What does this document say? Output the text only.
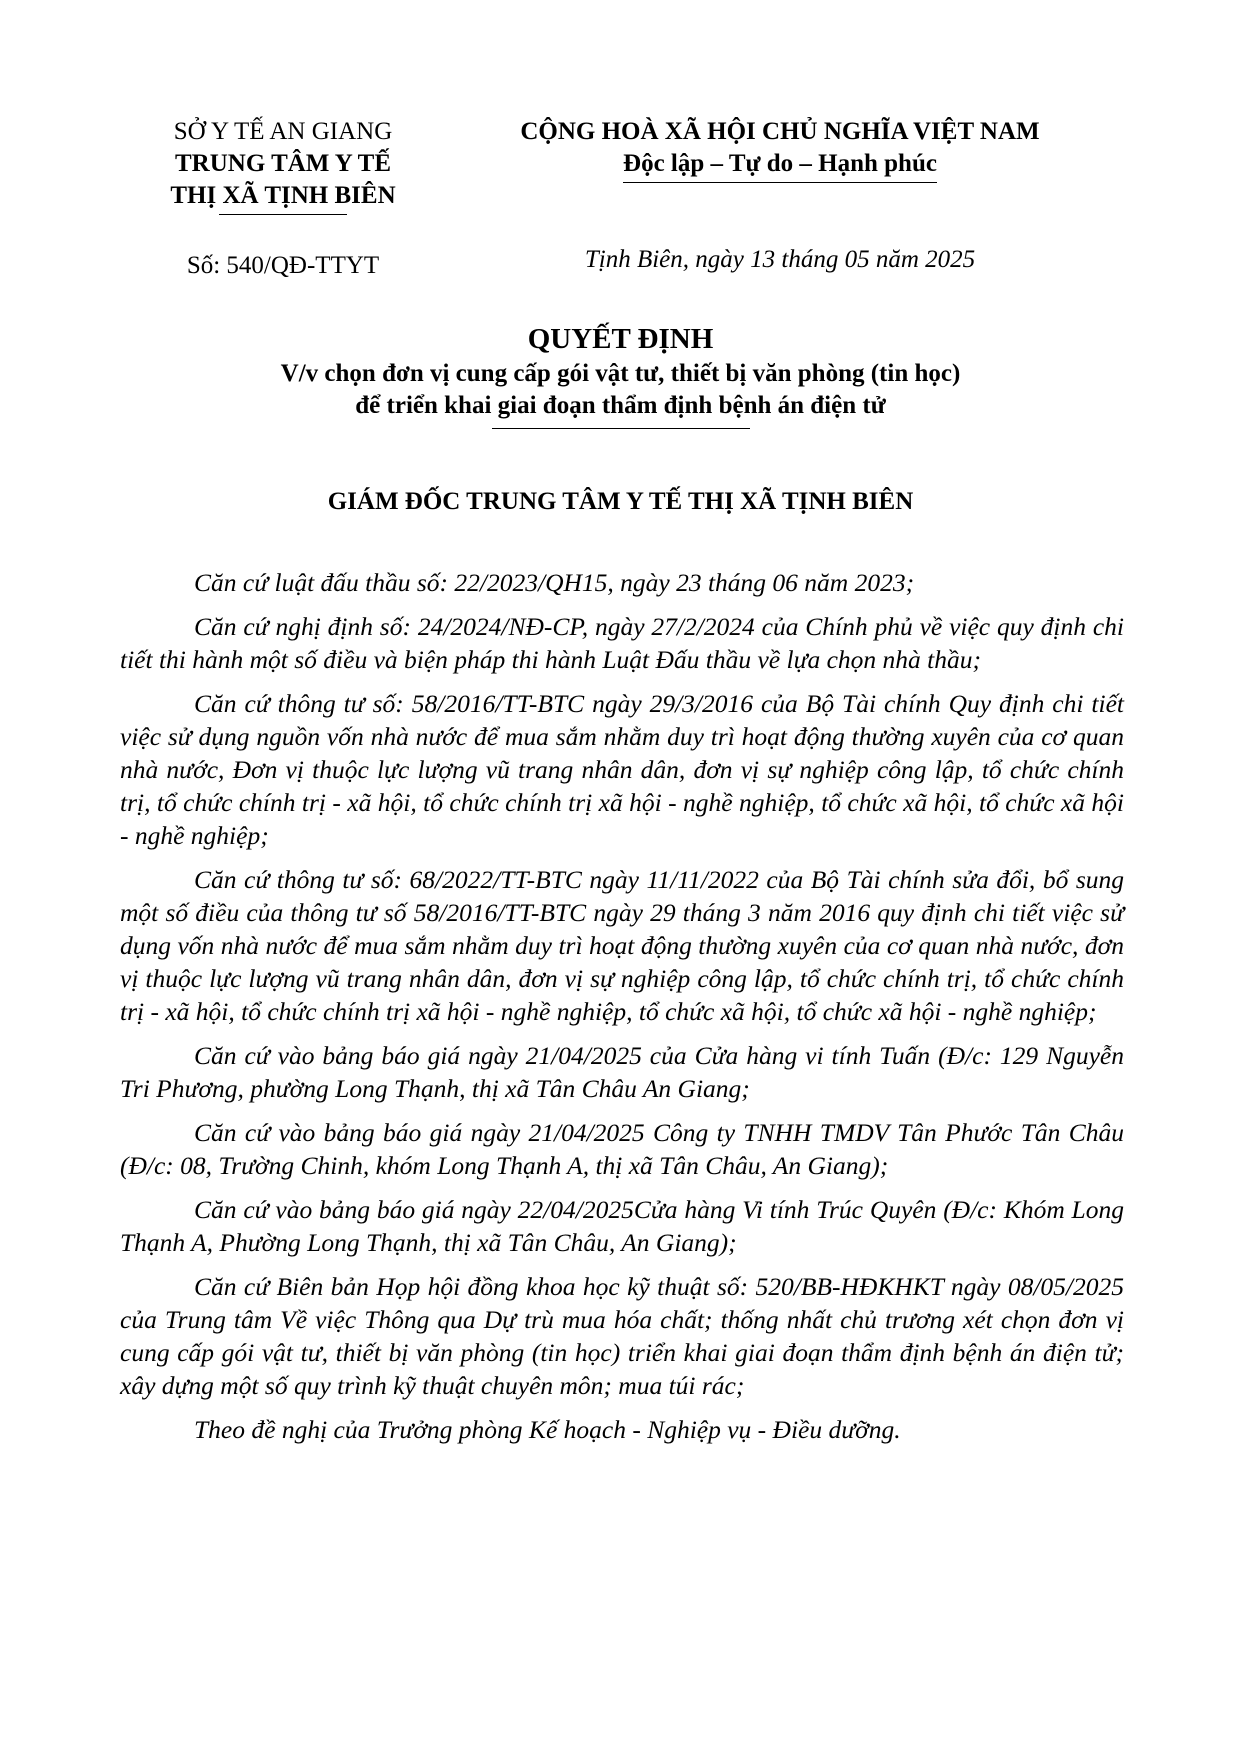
SỞ Y TẾ AN GIANG
TRUNG TÂM Y TẾ
THỊ XÃ TỊNH BIÊN
CỘNG HOÀ XÃ HỘI CHỦ NGHĨA VIỆT NAM
Độc lập – Tự do – Hạnh phúc
Số: 540/QĐ-TTYT	Tịnh Biên, ngày 13 tháng 05 năm 2025
QUYẾT ĐỊNH
V/v chọn đơn vị cung cấp gói vật tư, thiết bị văn phòng (tin học)
để triển khai giai đoạn thẩm định bệnh án điện tử
GIÁM ĐỐC TRUNG TÂM Y TẾ THỊ XÃ TỊNH BIÊN

Căn cứ luật đấu thầu số: 22/2023/QH15, ngày 23 tháng 06 năm 2023;

Căn cứ nghị định số: 24/2024/NĐ-CP, ngày 27/2/2024 của Chính phủ về việc quy định chi tiết thi hành một số điều và biện pháp thi hành Luật Đấu thầu về lựa chọn nhà thầu;

Căn cứ thông tư số: 58/2016/TT-BTC ngày 29/3/2016 của Bộ Tài chính Quy định chi tiết việc sử dụng nguồn vốn nhà nước để mua sắm nhằm duy trì hoạt động thường xuyên của cơ quan nhà nước, Đơn vị thuộc lực lượng vũ trang nhân dân, đơn vị sự nghiệp công lập, tổ chức chính trị, tổ chức chính trị - xã hội, tổ chức chính trị xã hội - nghề nghiệp, tổ chức xã hội, tổ chức xã hội - nghề nghiệp;

Căn cứ thông tư số: 68/2022/TT-BTC ngày 11/11/2022 của Bộ Tài chính sửa đổi, bổ sung một số điều của thông tư số 58/2016/TT-BTC ngày 29 tháng 3 năm 2016 quy định chi tiết việc sử dụng vốn nhà nước để mua sắm nhằm duy trì hoạt động thường xuyên của cơ quan nhà nước, đơn vị thuộc lực lượng vũ trang nhân dân, đơn vị sự nghiệp công lập, tổ chức chính trị, tổ chức chính trị - xã hội, tổ chức chính trị xã hội - nghề nghiệp, tổ chức xã hội, tổ chức xã hội - nghề nghiệp;

Căn cứ vào bảng báo giá ngày 21/04/2025 của Cửa hàng vi tính Tuấn (Đ/c: 129 Nguyễn Tri Phương, phường Long Thạnh, thị xã Tân Châu An Giang;

Căn cứ vào bảng báo giá ngày 21/04/2025 Công ty TNHH TMDV Tân Phước Tân Châu (Đ/c: 08, Trường Chinh, khóm Long Thạnh A, thị xã Tân Châu, An Giang);

Căn cứ vào bảng báo giá ngày 22/04/2025Cửa hàng Vi tính Trúc Quyên (Đ/c: Khóm Long Thạnh A, Phường Long Thạnh, thị xã Tân Châu, An Giang);

Căn cứ Biên bản Họp hội đồng khoa học kỹ thuật số: 520/BB-HĐKHKT ngày 08/05/2025 của Trung tâm Về việc Thông qua Dự trù mua hóa chất; thống nhất chủ trương xét chọn đơn vị cung cấp gói vật tư, thiết bị văn phòng (tin học) triển khai giai đoạn thẩm định bệnh án điện tử; xây dựng một số quy trình kỹ thuật chuyên môn; mua túi rác;

Theo đề nghị của Trưởng phòng Kế hoạch - Nghiệp vụ - Điều dưỡng.
